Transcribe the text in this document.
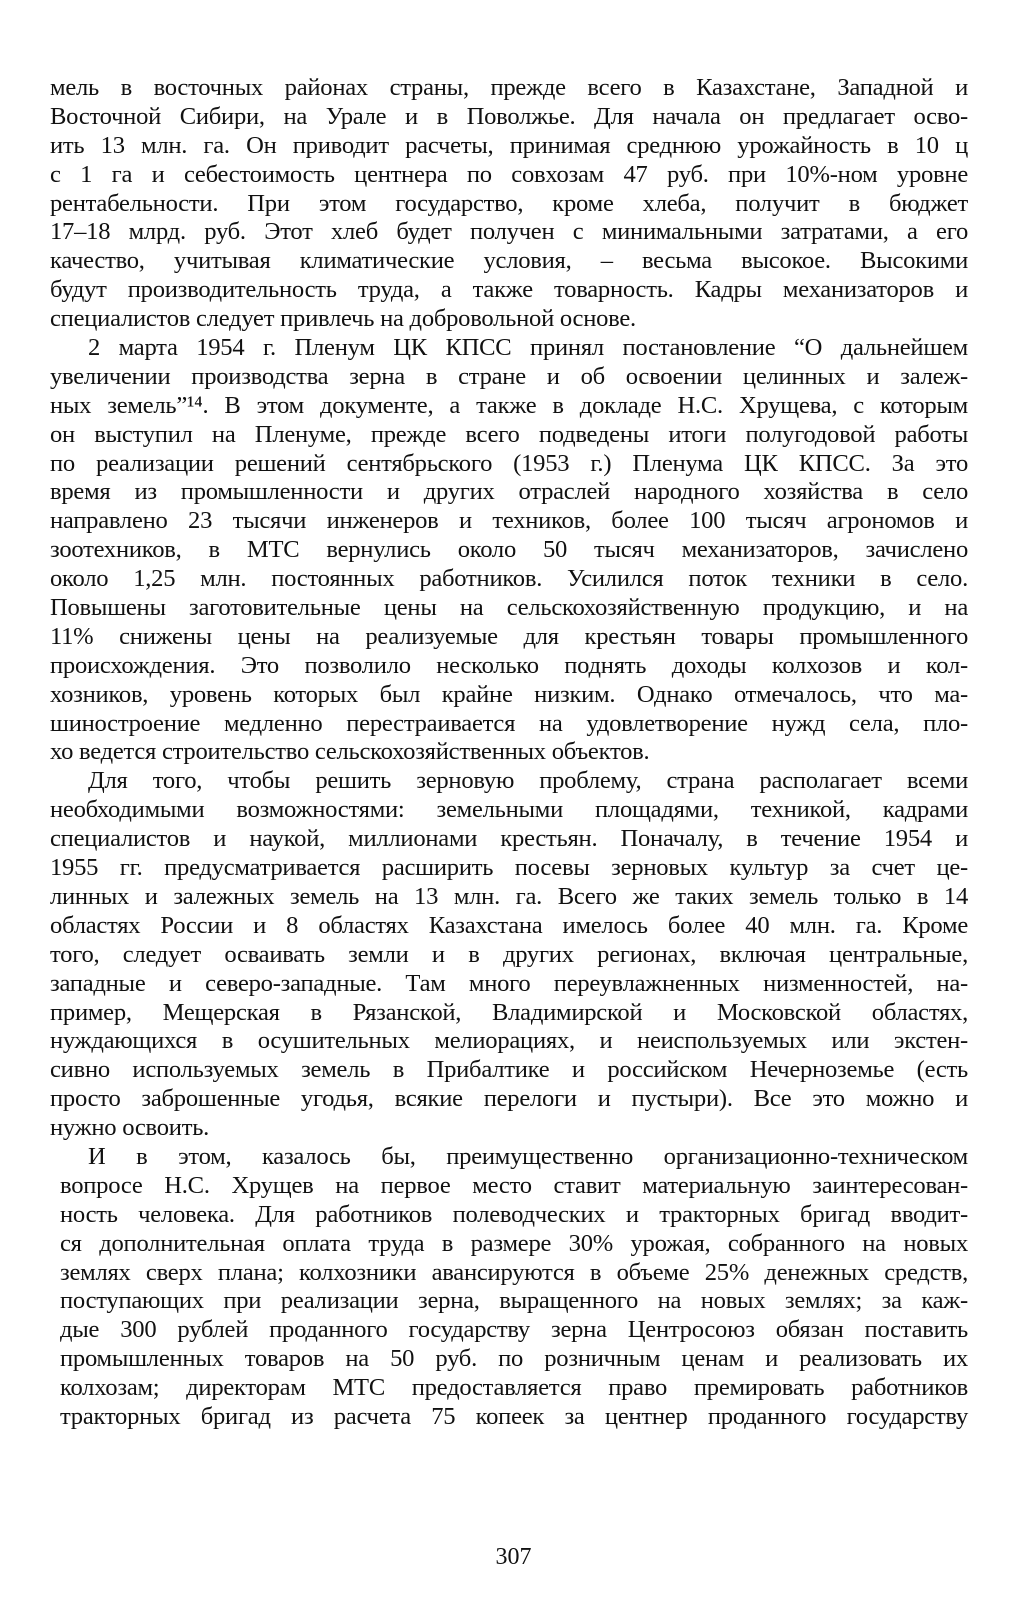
мель в восточных районах страны, прежде всего в Казахстане, Западной и
Восточной Сибири, на Урале и в Поволжье. Для начала он предлагает осво-
ить 13 млн. га. Он приводит расчеты, принимая среднюю урожайность в 10 ц
с 1 га и себестоимость центнера по совхозам 47 руб. при 10%-ном уровне
рентабельности. При этом государство, кроме хлеба, получит в бюджет
17–18 млрд. руб. Этот хлеб будет получен с минимальными затратами, а его
качество, учитывая климатические условия, – весьма высокое. Высокими
будут производительность труда, а также товарность. Кадры механизаторов и
специалистов следует привлечь на добровольной основе.
2 марта 1954 г. Пленум ЦК КПСС принял постановление “О дальнейшем
увеличении производства зерна в стране и об освоении целинных и залеж-
ных земель”¹⁴. В этом документе, а также в докладе Н.С. Хрущева, с которым
он выступил на Пленуме, прежде всего подведены итоги полугодовой работы
по реализации решений сентябрьского (1953 г.) Пленума ЦК КПСС. За это
время из промышленности и других отраслей народного хозяйства в село
направлено 23 тысячи инженеров и техников, более 100 тысяч агрономов и
зоотехников, в МТС вернулись около 50 тысяч механизаторов, зачислено
около 1,25 млн. постоянных работников. Усилился поток техники в село.
Повышены заготовительные цены на сельскохозяйственную продукцию, и на
11% снижены цены на реализуемые для крестьян товары промышленного
происхождения. Это позволило несколько поднять доходы колхозов и кол-
хозников, уровень которых был крайне низким. Однако отмечалось, что ма-
шиностроение медленно перестраивается на удовлетворение нужд села, пло-
хо ведется строительство сельскохозяйственных объектов.
Для того, чтобы решить зерновую проблему, страна располагает всеми
необходимыми возможностями: земельными площадями, техникой, кадрами
специалистов и наукой, миллионами крестьян. Поначалу, в течение 1954 и
1955 гг. предусматривается расширить посевы зерновых культур за счет це-
линных и залежных земель на 13 млн. га. Всего же таких земель только в 14
областях России и 8 областях Казахстана имелось более 40 млн. га. Кроме
того, следует осваивать земли и в других регионах, включая центральные,
западные и северо-западные. Там много переувлажненных низменностей, на-
пример, Мещерская в Рязанской, Владимирской и Московской областях,
нуждающихся в осушительных мелиорациях, и неиспользуемых или экстен-
сивно используемых земель в Прибалтике и российском Нечерноземье (есть
просто заброшенные угодья, всякие перелоги и пустыри). Все это можно и
нужно освоить.
И в этом, казалось бы, преимущественно организационно-техническом
вопросе Н.С. Хрущев на первое место ставит материальную заинтересован-
ность человека. Для работников полеводческих и тракторных бригад вводит-
ся дополнительная оплата труда в размере 30% урожая, собранного на новых
землях сверх плана; колхозники авансируются в объеме 25% денежных средств,
поступающих при реализации зерна, выращенного на новых землях; за каж-
дые 300 рублей проданного государству зерна Центросоюз обязан поставить
промышленных товаров на 50 руб. по розничным ценам и реализовать их
колхозам; директорам МТС предоставляется право премировать работников
тракторных бригад из расчета 75 копеек за центнер проданного государству
307
